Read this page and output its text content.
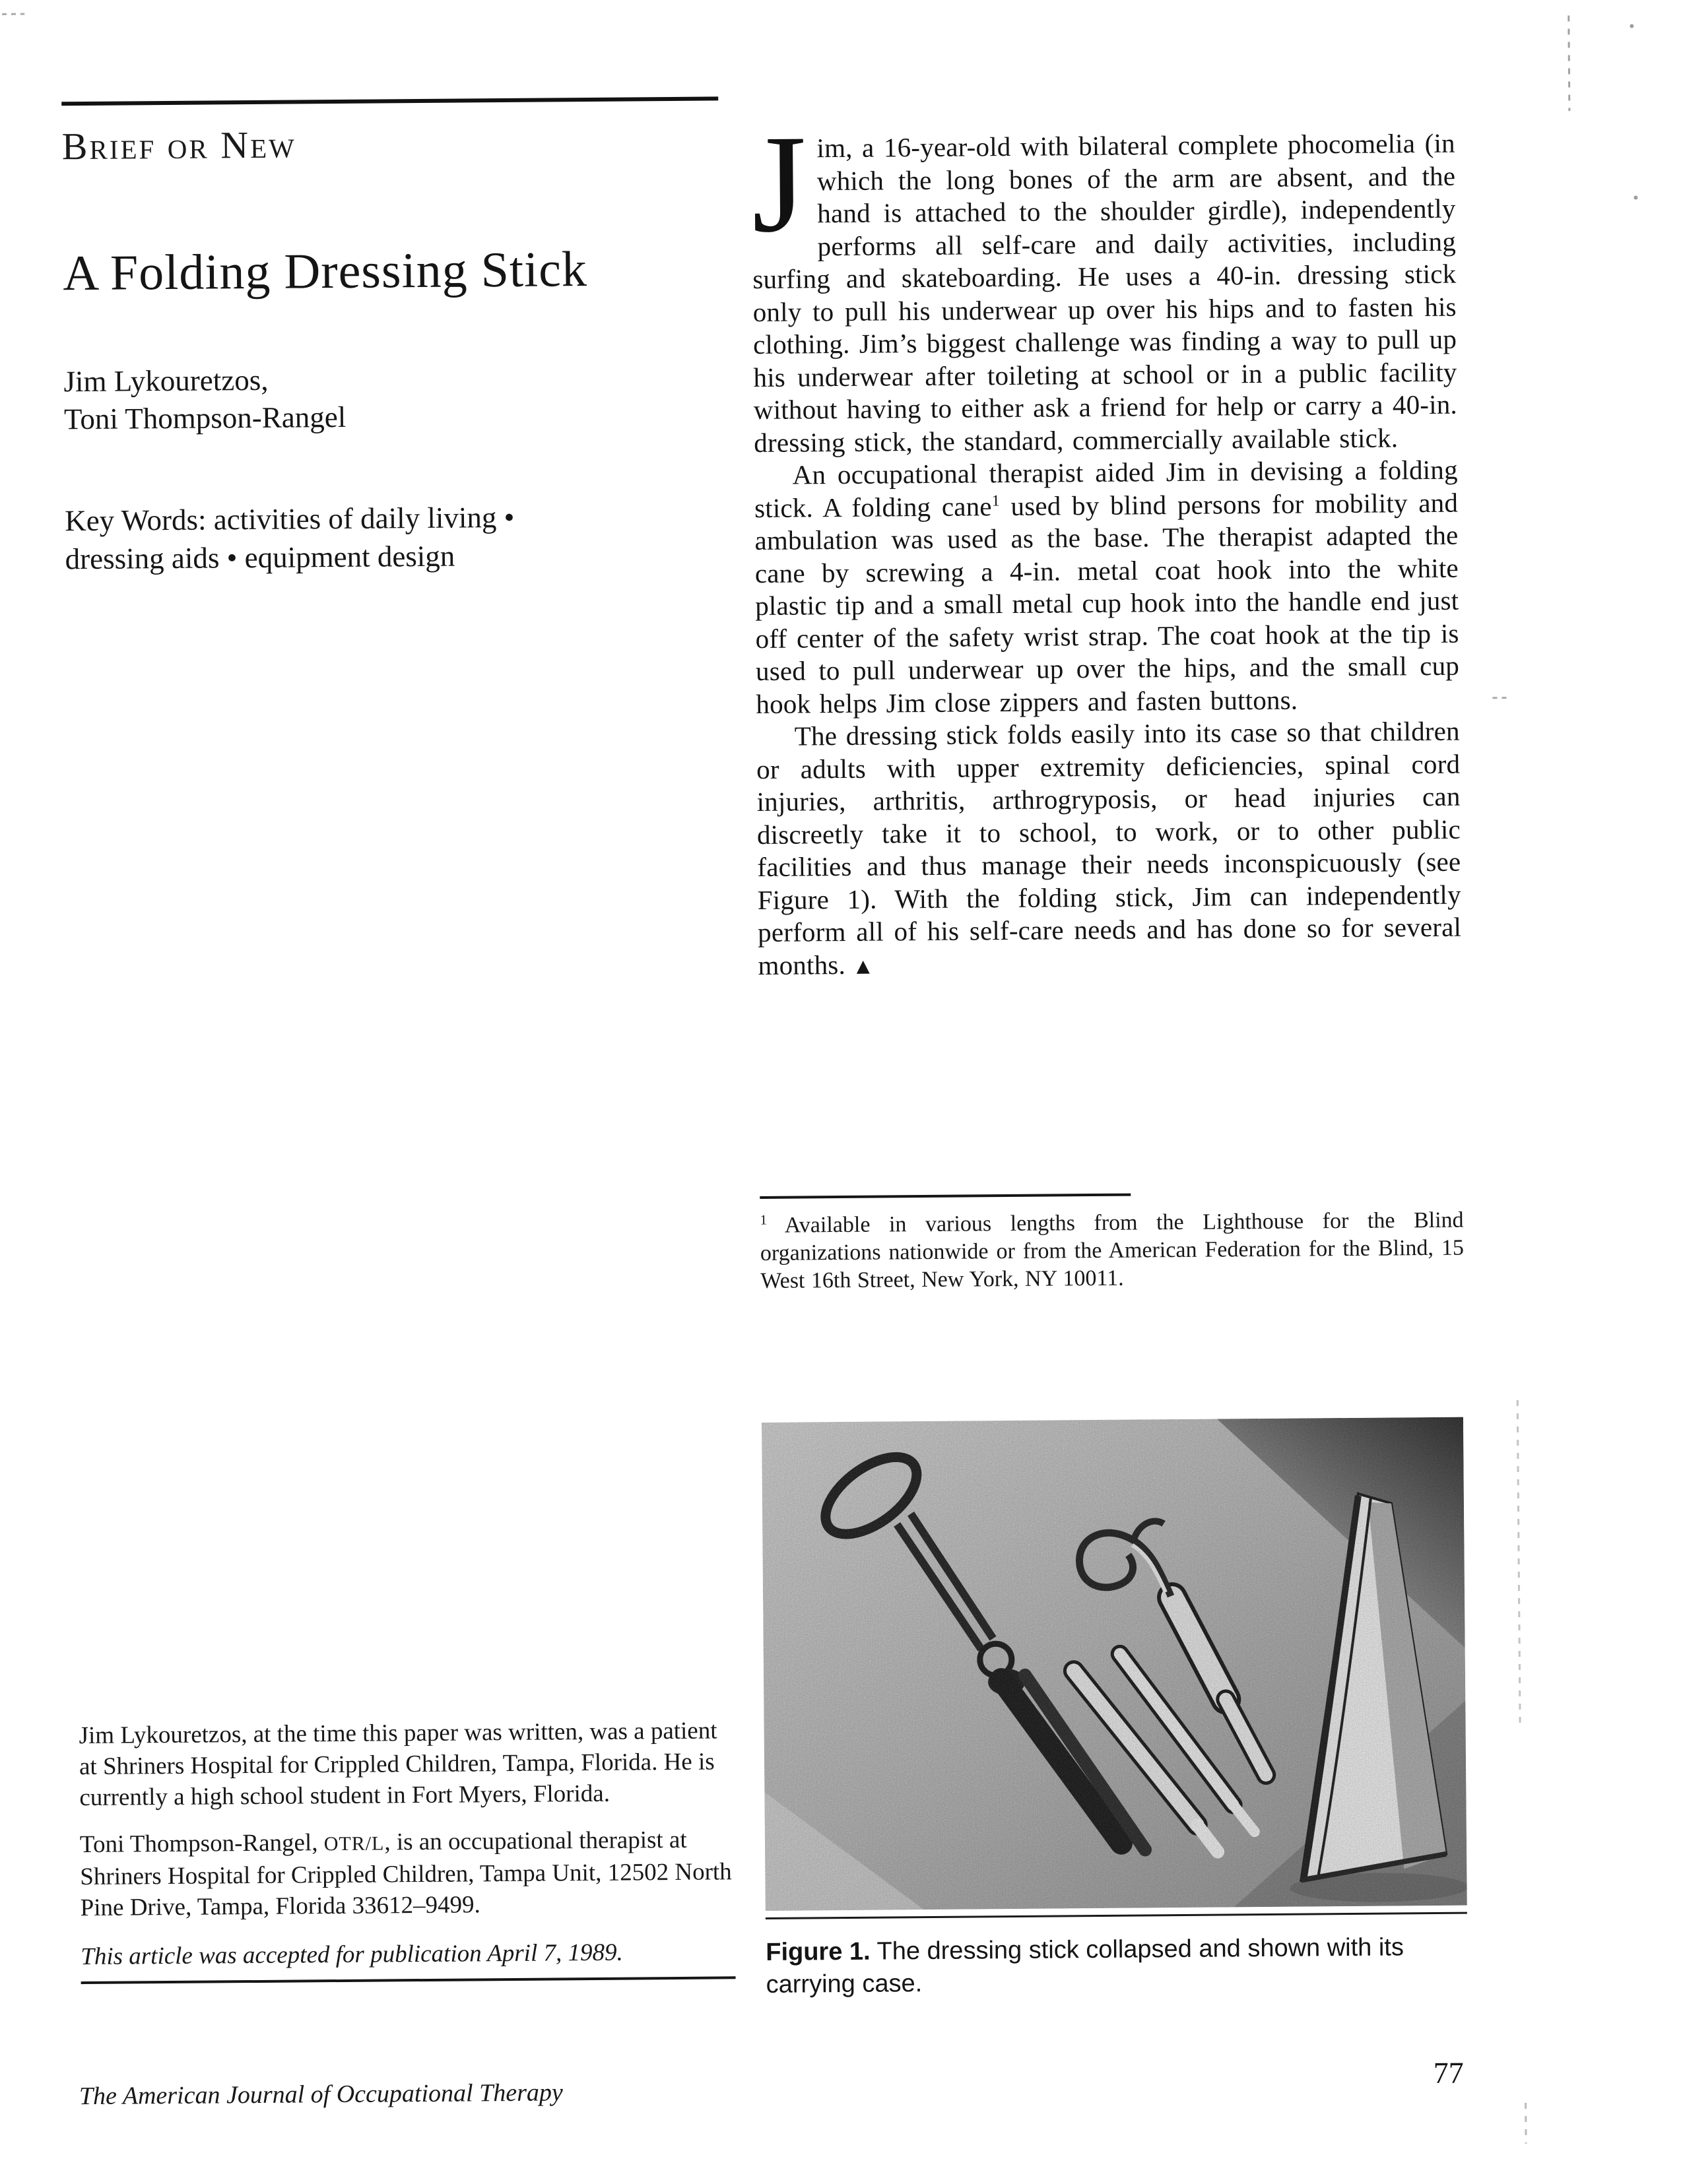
Brief or New
A Folding Dressing Stick
Jim Lykouretzos,
Toni Thompson-Rangel
Key Words: activities of daily living •
dressing aids • equipment design

Jim, a 16-year-old with bilateral complete phocomelia (in which the long bones of the arm are absent, and the hand is attached to the shoulder girdle), independently performs all self-care and daily activities, including surfing and skateboarding. He uses a 40-in. dressing stick only to pull his underwear up over his hips and to fasten his clothing. Jim’s biggest challenge was finding a way to pull up his underwear after toileting at school or in a public facility without having to either ask a friend for help or carry a 40-in. dressing stick, the standard, commercially available stick.

An occupational therapist aided Jim in devising a folding stick. A folding cane$^1$ used by blind persons for mobility and ambulation was used as the base. The therapist adapted the cane by screwing a 4-in. metal coat hook into the white plastic tip and a small metal cup hook into the handle end just off center of the safety wrist strap. The coat hook at the tip is used to pull underwear up over the hips, and the small cup hook helps Jim close zippers and fasten buttons.

The dressing stick folds easily into its case so that children or adults with upper extremity deficiencies, spinal cord injuries, arthritis, arthrogryposis, or head injuries can discreetly take it to school, to work, or to other public facilities and thus manage their needs inconspicuously (see Figure 1). With the folding stick, Jim can independently perform all of his self-care needs and has done so for several months. ▲

$^1$ Available in various lengths from the Lighthouse for the Blind organizations nationwide or from the American Federation for the Blind, 15 West 16th Street, New York, NY 10011.

Figure 1. The dressing stick collapsed and shown with its carrying case.

Jim Lykouretzos, at the time this paper was written, was a patient at Shriners Hospital for Crippled Children, Tampa, Florida. He is currently a high school student in Fort Myers, Florida.

Toni Thompson-Rangel, OTR/L, is an occupational therapist at Shriners Hospital for Crippled Children, Tampa Unit, 12502 North Pine Drive, Tampa, Florida 33612–9499.

This article was accepted for publication April 7, 1989.

The American Journal of Occupational Therapy
77
